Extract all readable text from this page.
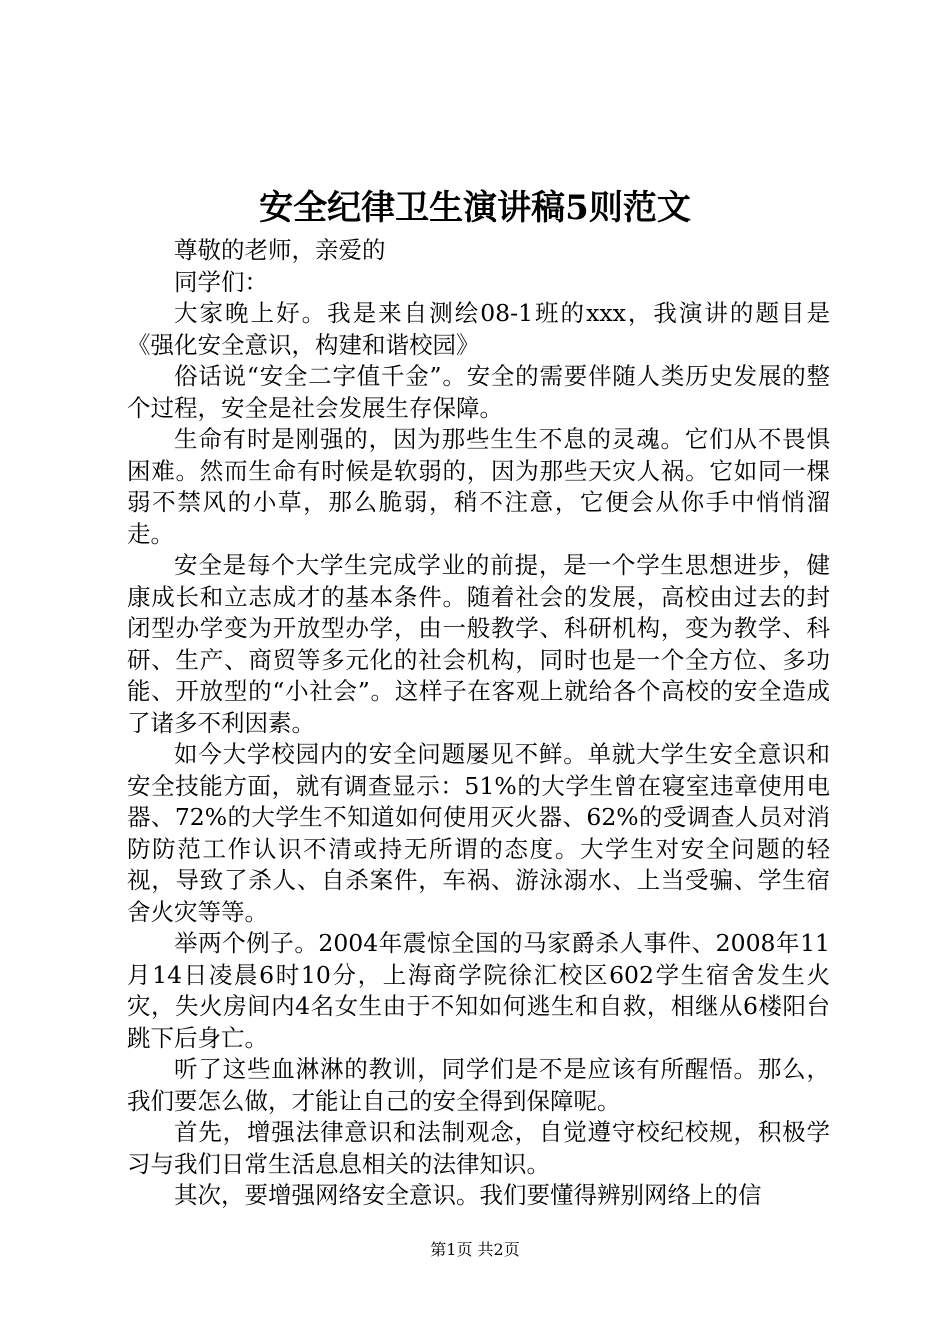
安全纪律卫生演讲稿5则范文

尊敬的老师，亲爱的

同学们：

大家晚上好。我是来自测绘08-1班的xxx，我演讲的题目是《强化安全意识，构建和谐校园》

俗话说“安全二字值千金”。安全的需要伴随人类历史发展的整个过程，安全是社会发展生存保障。

生命有时是刚强的，因为那些生生不息的灵魂。它们从不畏惧困难。然而生命有时候是软弱的，因为那些天灾人祸。它如同一棵弱不禁风的小草，那么脆弱，稍不注意，它便会从你手中悄悄溜走。

安全是每个大学生完成学业的前提，是一个学生思想进步，健康成长和立志成才的基本条件。随着社会的发展，高校由过去的封闭型办学变为开放型办学，由一般教学、科研机构，变为教学、科研、生产、商贸等多元化的社会机构，同时也是一个全方位、多功能、开放型的“小社会”。这样子在客观上就给各个高校的安全造成了诸多不利因素。

如今大学校园内的安全问题屡见不鲜。单就大学生安全意识和安全技能方面，就有调查显示：51%的大学生曾在寝室违章使用电器、72%的大学生不知道如何使用灭火器、62%的受调查人员对消防防范工作认识不清或持无所谓的态度。大学生对安全问题的轻视，导致了杀人、自杀案件，车祸、游泳溺水、上当受骗、学生宿舍火灾等等。

举两个例子。2004年震惊全国的马家爵杀人事件、2008年11月14日凌晨6时10分，上海商学院徐汇校区602学生宿舍发生火灾，失火房间内4名女生由于不知如何逃生和自救，相继从6楼阳台跳下后身亡。

听了这些血淋淋的教训，同学们是不是应该有所醒悟。那么，我们要怎么做，才能让自己的安全得到保障呢。

首先，增强法律意识和法制观念，自觉遵守校纪校规，积极学习与我们日常生活息息相关的法律知识。

其次，要增强网络安全意识。我们要懂得辨别网络上的信

第1页 共2页
